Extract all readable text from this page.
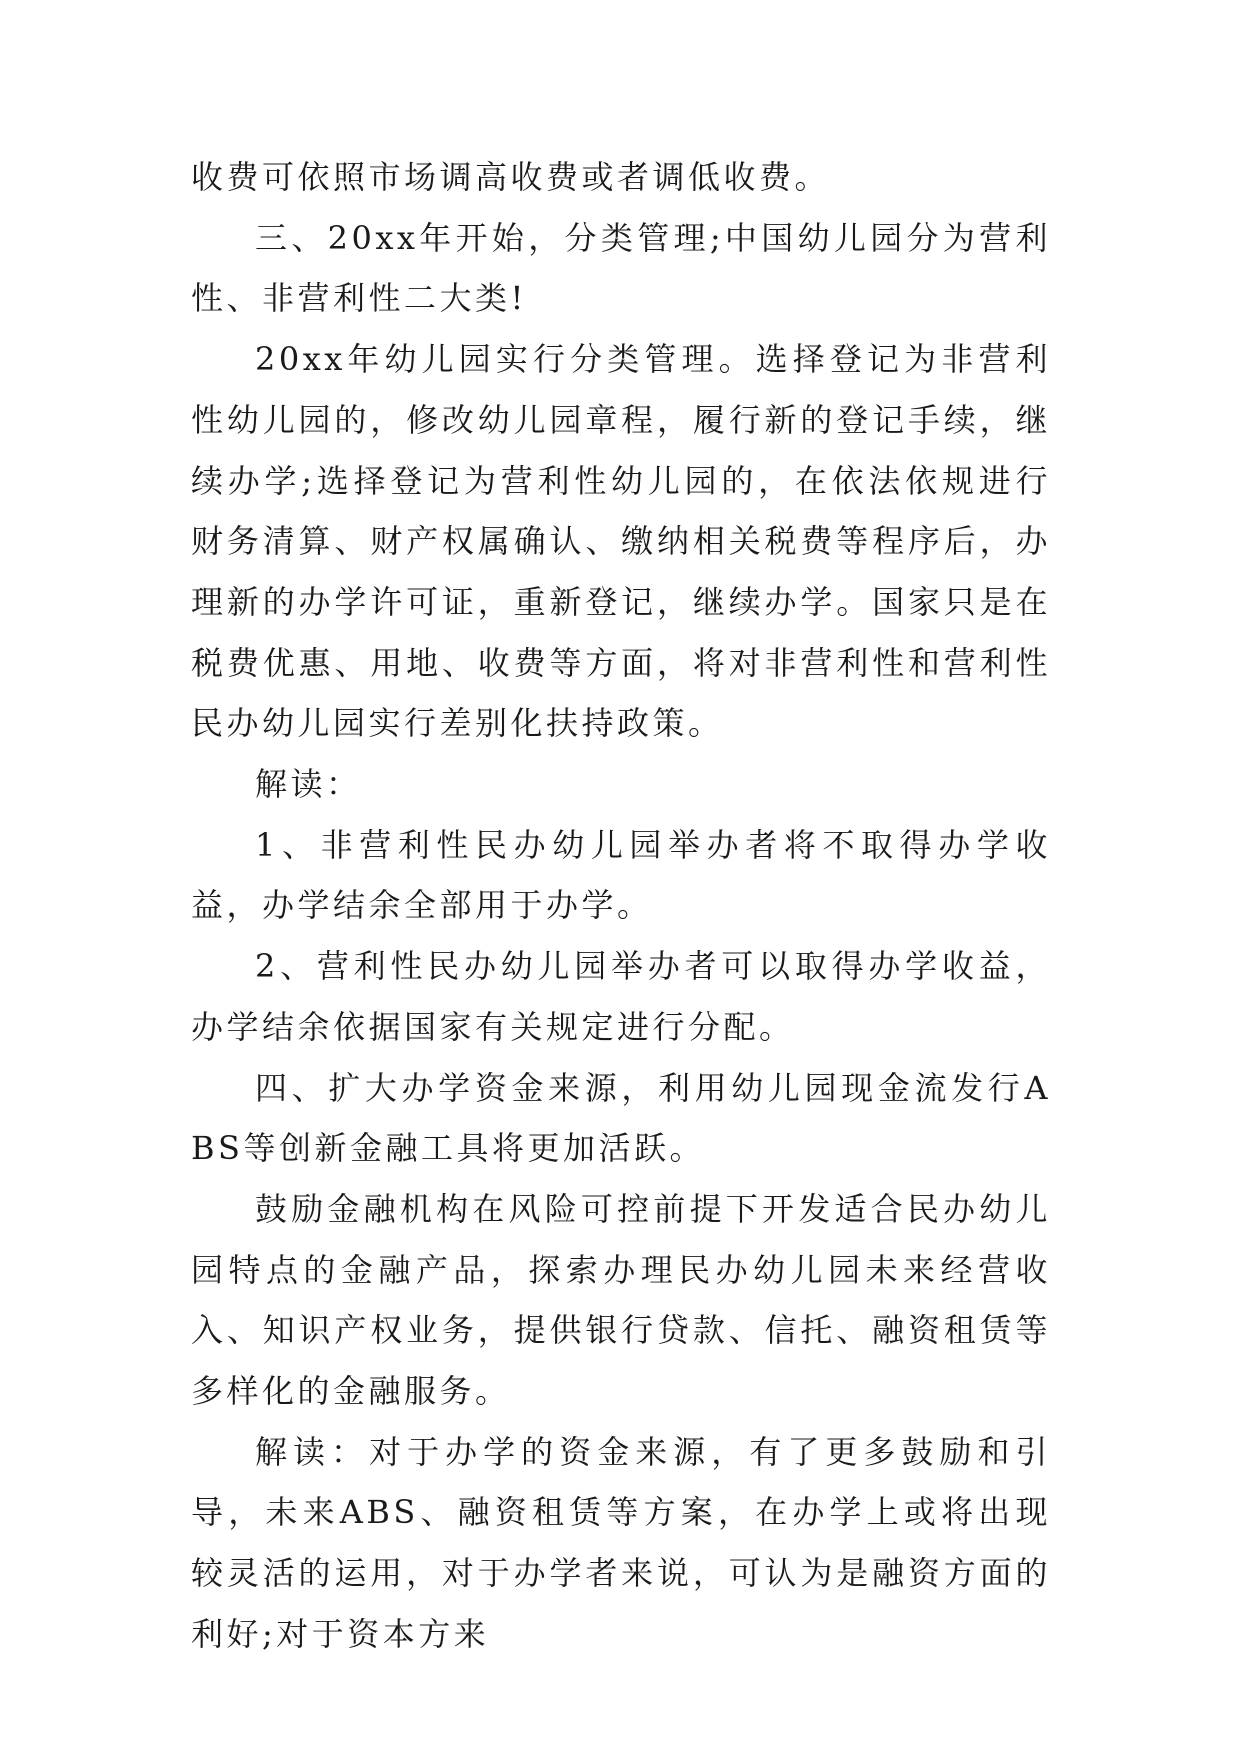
收费可依照市场调高收费或者调低收费。

三、20xx年开始，分类管理;中国幼儿园分为营利性、非营利性二大类!

20xx年幼儿园实行分类管理。选择登记为非营利性幼儿园的，修改幼儿园章程，履行新的登记手续，继续办学;选择登记为营利性幼儿园的，在依法依规进行财务清算、财产权属确认、缴纳相关税费等程序后，办理新的办学许可证，重新登记，继续办学。国家只是在税费优惠、用地、收费等方面，将对非营利性和营利性民办幼儿园实行差别化扶持政策。

解读：

1、非营利性民办幼儿园举办者将不取得办学收益，办学结余全部用于办学。

2、营利性民办幼儿园举办者可以取得办学收益，办学结余依据国家有关规定进行分配。

四、扩大办学资金来源，利用幼儿园现金流发行ABS等创新金融工具将更加活跃。

鼓励金融机构在风险可控前提下开发适合民办幼儿园特点的金融产品，探索办理民办幼儿园未来经营收入、知识产权业务，提供银行贷款、信托、融资租赁等多样化的金融服务。

解读：对于办学的资金来源，有了更多鼓励和引导，未来ABS、融资租赁等方案，在办学上或将出现较灵活的运用，对于办学者来说，可认为是融资方面的利好;对于资本方来
